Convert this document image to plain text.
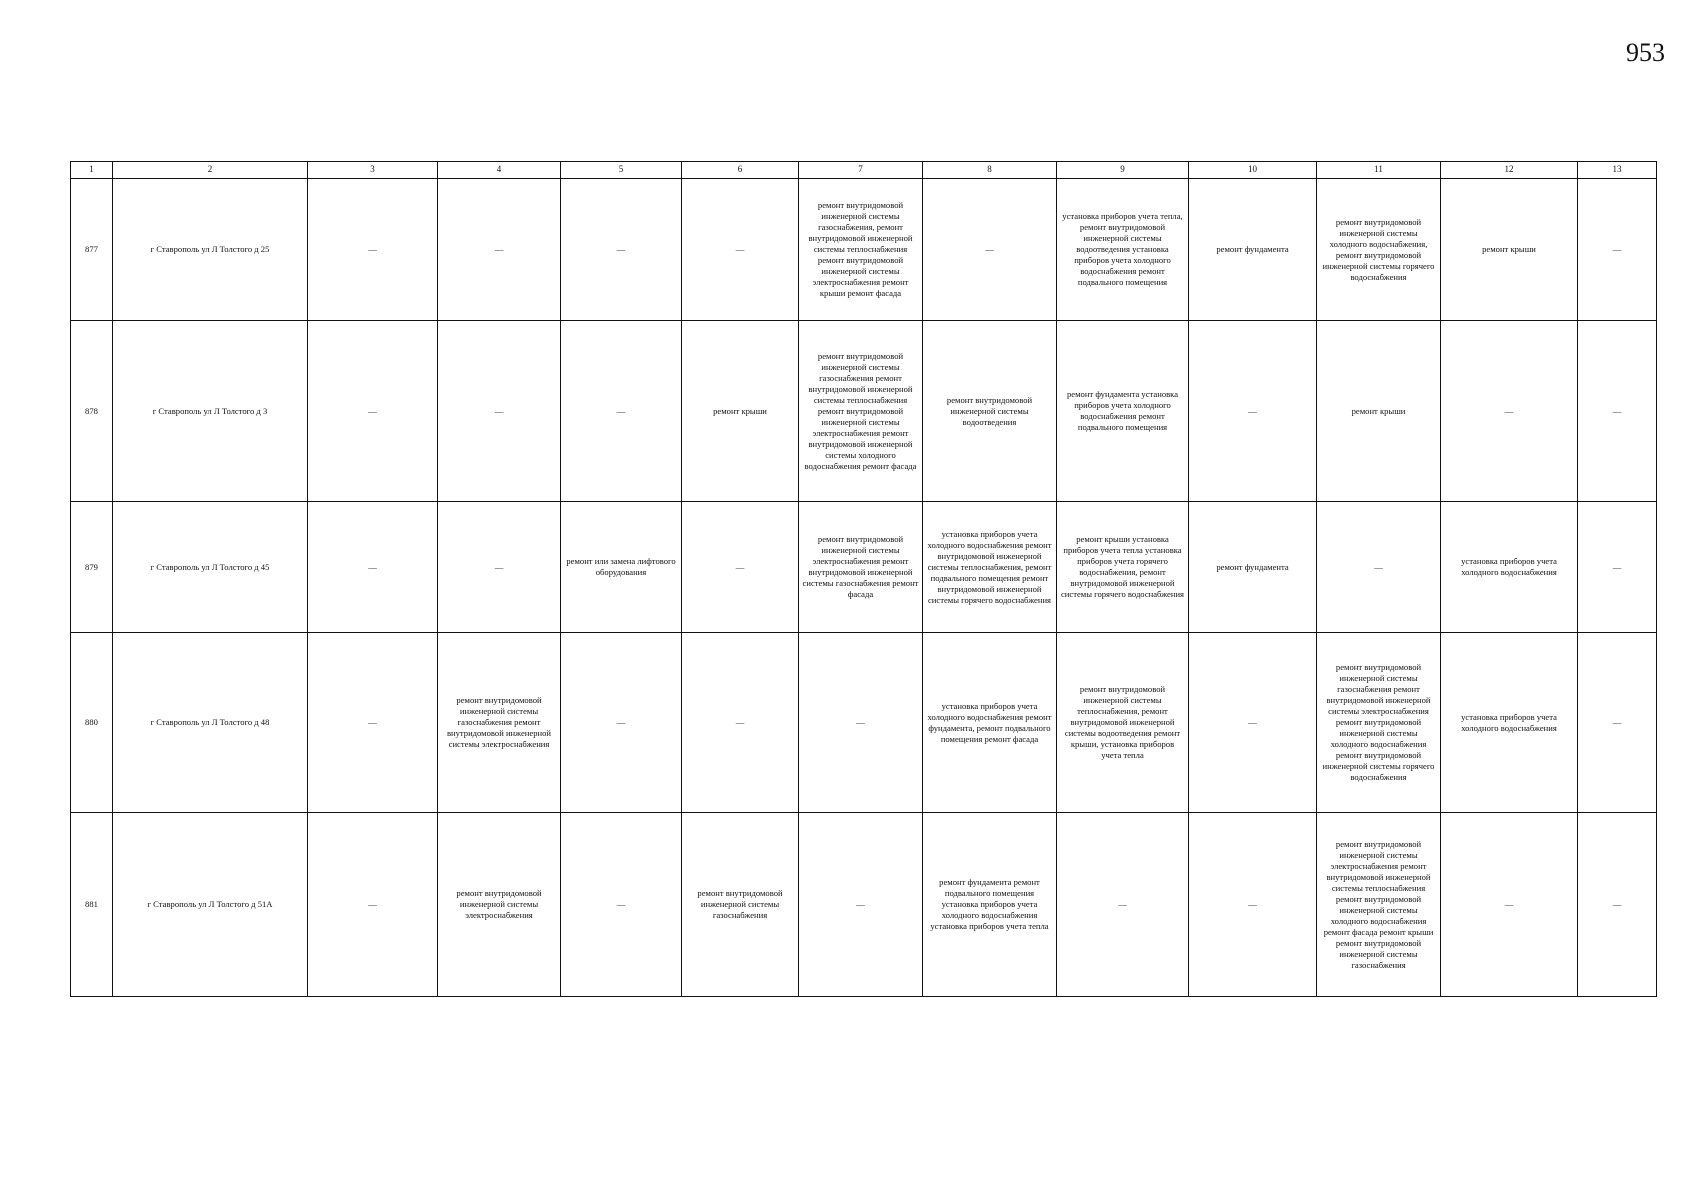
953
1	2	3	4	5	6	7	8	9	10	11	12	13
877	г Ставрополь ул Л Толстого д 25	—	—	—	—	ремонт внутридомовой инженерной системы газоснабжения, ремонт внутридомовой инженерной системы теплоснабжения ремонт внутридомовой инженерной системы электроснабжения ремонт крыши ремонт фасада	—	установка приборов учета тепла, ремонт внутридомовой инженерной системы водоотведения установка приборов учета холодного водоснабжения ремонт подвального помещения	ремонт фундамента	ремонт внутридомовой инженерной системы холодного водоснабжения, ремонт внутридомовой инженерной системы горячего водоснабжения	ремонт крыши	—
878	г Ставрополь ул Л Толстого д 3	—	—	—	ремонт крыши	ремонт внутридомовой инженерной системы газоснабжения ремонт внутридомовой инженерной системы теплоснабжения ремонт внутридомовой инженерной системы электроснабжения ремонт внутридомовой инженерной системы холодного водоснабжения ремонт фасада	ремонт внутридомовой инженерной системы водоотведения	ремонт фундамента установка приборов учета холодного водоснабжения ремонт подвального помещения	—	ремонт крыши	—	—
879	г Ставрополь ул Л Толстого д 45	—	—	ремонт или замена лифтового оборудования	—	ремонт внутридомовой инженерной системы электроснабжения ремонт внутридомовой инженерной системы газоснабжения ремонт фасада	установка приборов учета холодного водоснабжения ремонт внутридомовой инженерной системы теплоснабжения, ремонт подвального помещения ремонт внутридомовой инженерной системы горячего водоснабжения	ремонт крыши установка приборов учета тепла установка приборов учета горячего водоснабжения, ремонт внутридомовой инженерной системы горячего водоснабжения	ремонт фундамента	—	установка приборов учета холодного водоснабжения	—
880	г Ставрополь ул Л Толстого д 48	—	ремонт внутридомовой инженерной системы газоснабжения ремонт внутридомовой инженерной системы электроснабжения	—	—	—	установка приборов учета холодного водоснабжения ремонт фундамента, ремонт подвального помещения ремонт фасада	ремонт внутридомовой инженерной системы теплоснабжения, ремонт внутридомовой инженерной системы водоотведения ремонт крыши, установка приборов учета тепла	—	ремонт внутридомовой инженерной системы газоснабжения ремонт внутридомовой инженерной системы электроснабжения ремонт внутридомовой инженерной системы холодного водоснабжения ремонт внутридомовой инженерной системы горячего водоснабжения	установка приборов учета холодного водоснабжения	—
881	г Ставрополь ул Л Толстого д 51А	—	ремонт внутридомовой инженерной системы электроснабжения	—	ремонт внутридомовой инженерной системы газоснабжения	—	ремонт фундамента ремонт подвального помещения установка приборов учета холодного водоснабжения установка приборов учета тепла	—	—	ремонт внутридомовой инженерной системы электроснабжения ремонт внутридомовой инженерной системы теплоснабжения ремонт внутридомовой инженерной системы холодного водоснабжения ремонт фасада ремонт крыши ремонт внутридомовой инженерной системы газоснабжения	—	—
